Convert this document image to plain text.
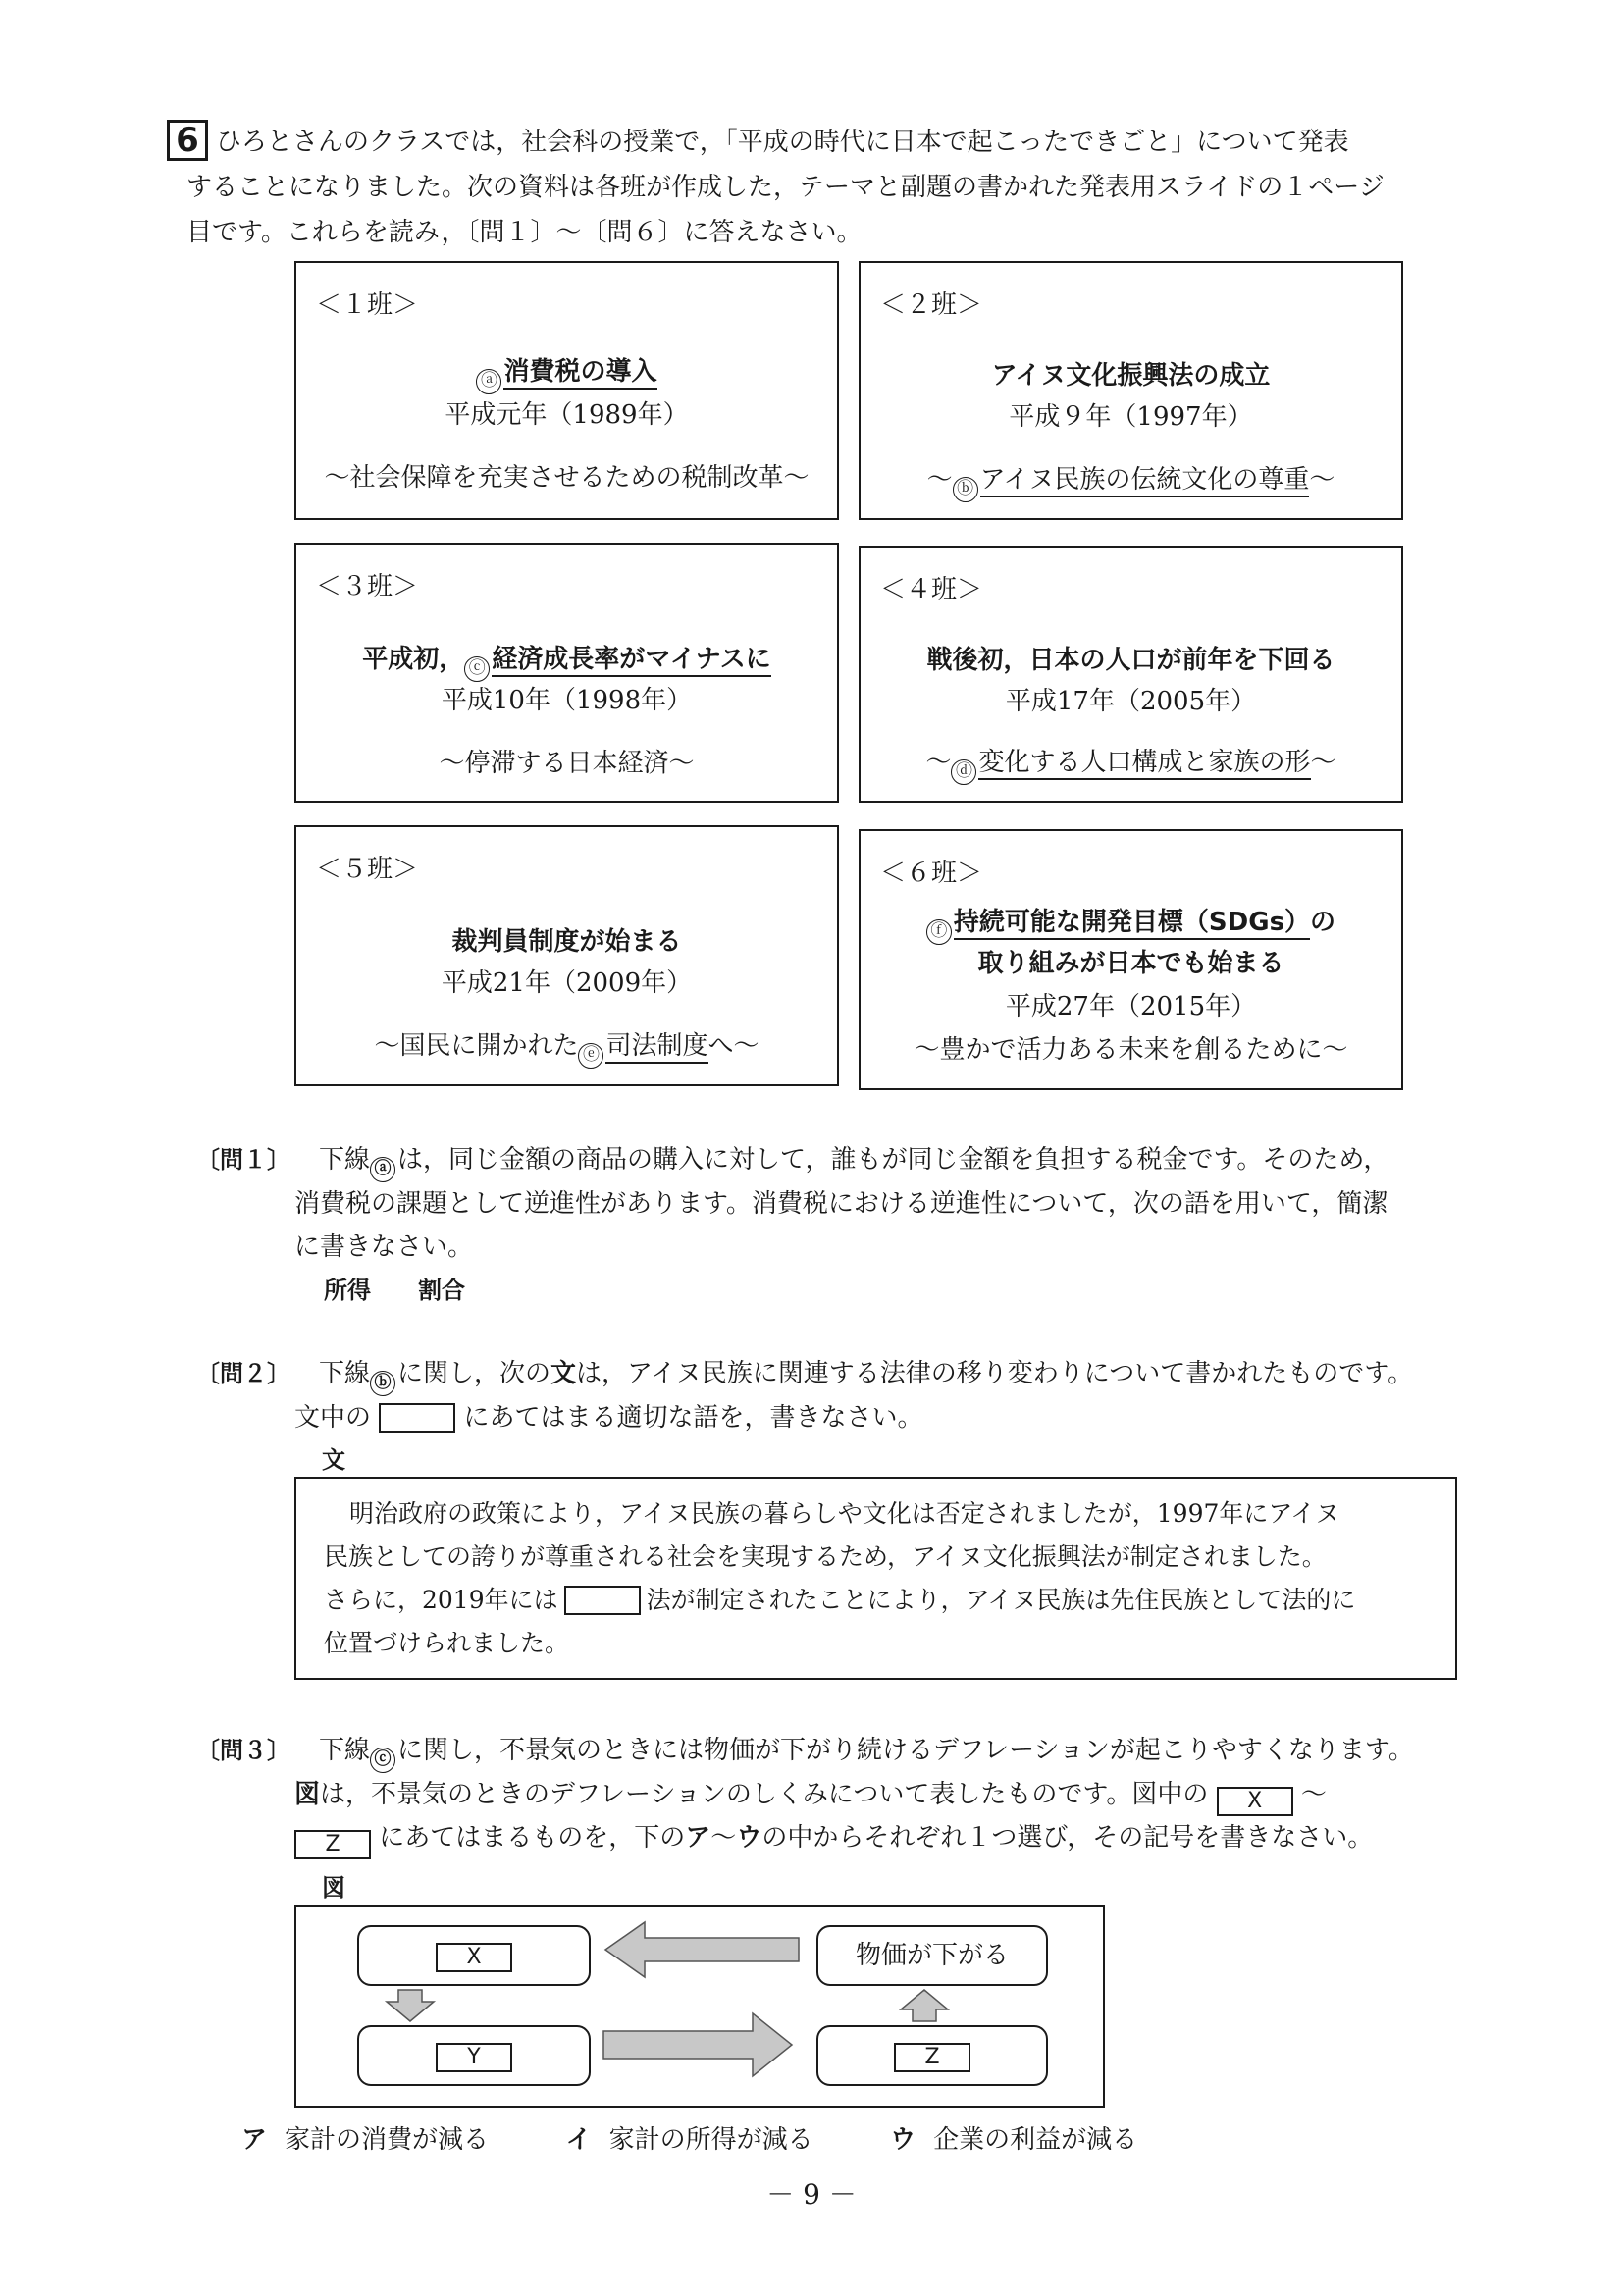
6 ひろとさんのクラスでは，社会科の授業で，「平成の時代に日本で起こったできごと」について発表
することになりました。次の資料は各班が作成した，テーマと副題の書かれた発表用スライドの１ページ
目です。これらを読み，〔問１〕～〔問６〕に答えなさい。
＜１班＞
ⓐ 消費税の導入
平成元年（1989年）
～社会保障を充実させるための税制改革～
＜２班＞
アイヌ文化振興法の成立
平成９年（1997年）
～ ⓑ アイヌ民族の伝統文化の尊重～
＜３班＞
平成初， ⓒ 経済成長率がマイナスに
平成10年（1998年）
～停滞する日本経済～
＜４班＞
戦後初，日本の人口が前年を下回る
平成17年（2005年）
～ ⓓ 変化する人口構成と家族の形～
＜５班＞
裁判員制度が始まる
平成21年（2009年）
～国民に開かれた ⓔ 司法制度へ～
＜６班＞
ⓕ 持続可能な開発目標（SDGs）の
取り組みが日本でも始まる
平成27年（2015年）
～豊かで活力ある未来を創るために～
〔問１〕 下線 ⓐ は，同じ金額の商品の購入に対して，誰もが同じ金額を負担する税金です。そのため，
消費税の課題として逆進性があります。消費税における逆進性について，次の語を用いて，簡潔
に書きなさい。
所得 割合
〔問２〕 下線 ⓑ に関し，次の文は，アイヌ民族に関連する法律の移り変わりについて書かれたものです。
文中の	にあてはまる適切な語を，書きなさい。
文
明治政府の政策により，アイヌ民族の暮らしや文化は否定されましたが，1997年にアイヌ
民族としての誇りが尊重される社会を実現するため，アイヌ文化振興法が制定されました。
さらに，2019年には	法が制定されたことにより，アイヌ民族は先住民族として法的に
位置づけられました。
〔問３〕 下線 ⓒ に関し，不景気のときには物価が下がり続けるデフレーションが起こりやすくなります。
図は，不景気のときのデフレーションのしくみについて表したものです。図中の X ～
Z にあてはまるものを，下のア～ウの中からそれぞれ１つ選び，その記号を書きなさい。
図
X	物価が下がる
Y	Z
ア 家計の消費が減る	イ 家計の所得が減る	ウ 企業の利益が減る
－ 9 －
